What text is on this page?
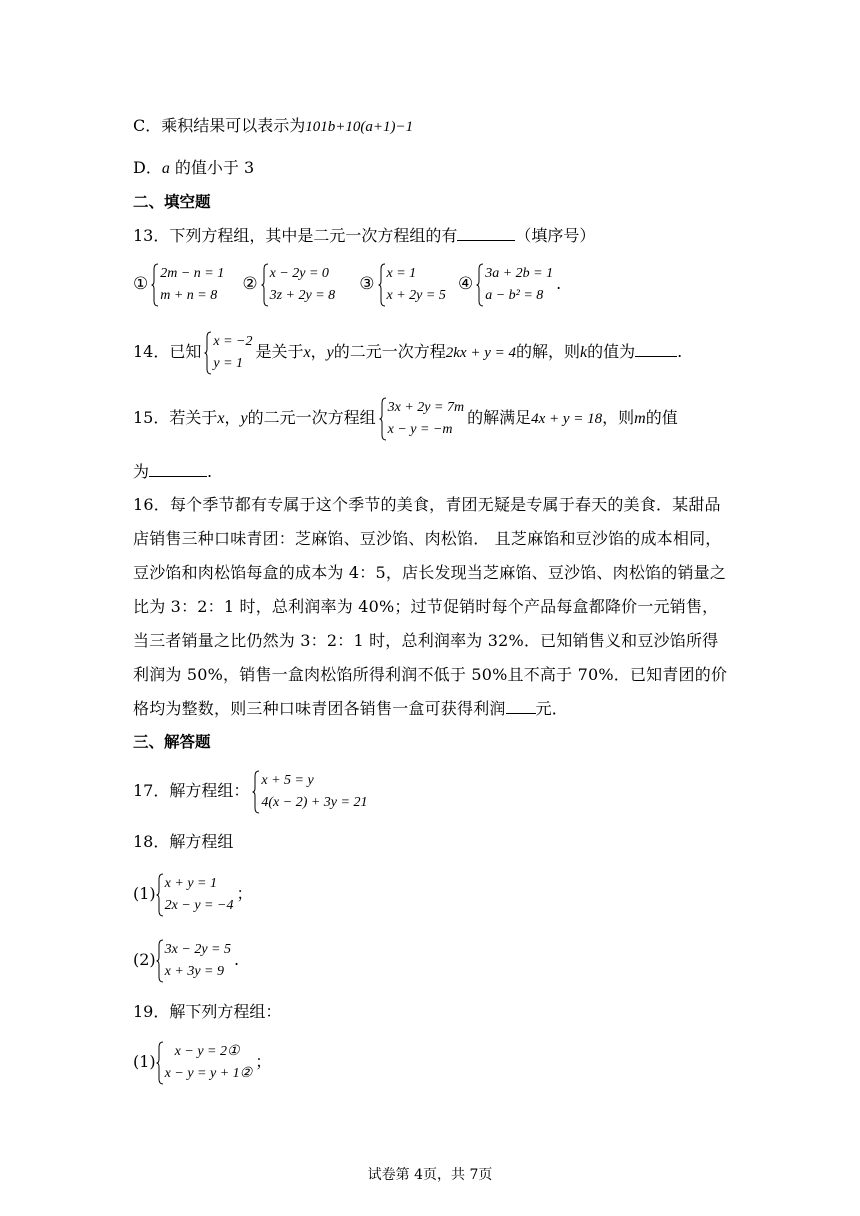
C．乘积结果可以表示为101b+10(a+1)−1
D．a 的值小于 3
二、填空题
13．下列方程组，其中是二元一次方程组的有	（填序号）
①
2m − n = 1
m + n = 8
②
x − 2y = 0
3z + 2y = 8
③
x = 1
x + 2y = 5
④
3a + 2b = 1
a − b² = 8
.
14．已知
x = −2
y = 1
是关于x，y的二元一次方程2kx + y = 4的解，则k的值为	.
15．若关于x，y的二元一次方程组
3x + 2y = 7m
x − y = −m
的解满足4x + y = 18，则m的值
为	.
16．每个季节都有专属于这个季节的美食，青团无疑是专属于春天的美食．某甜品店销售三种口味青团：芝麻馅、豆沙馅、肉松馅． 且芝麻馅和豆沙馅的成本相同，豆沙馅和肉松馅每盒的成本为 4：5，店长发现当芝麻馅、豆沙馅、肉松馅的销量之比为 3：2：1 时，总利润率为 40%；过节促销时每个产品每盒都降价一元销售，当三者销量之比仍然为 3：2：1 时，总利润率为 32%．已知销售义和豆沙馅所得利润为 50%，销售一盒肉松馅所得利润不低于 50%且不高于 70%．已知青团的价格均为整数，则三种口味青团各销售一盒可获得利润 元．
三、解答题
17．解方程组：
x + 5 = y
4(x − 2) + 3y = 21
18．解方程组
(1)
x + y = 1
2x − y = −4
；
(2)
3x − 2y = 5
x + 3y = 9
.
19．解下列方程组：
(1)
x − y = 2①
x − y = y + 1②
；
试卷第 4页，共 7页
